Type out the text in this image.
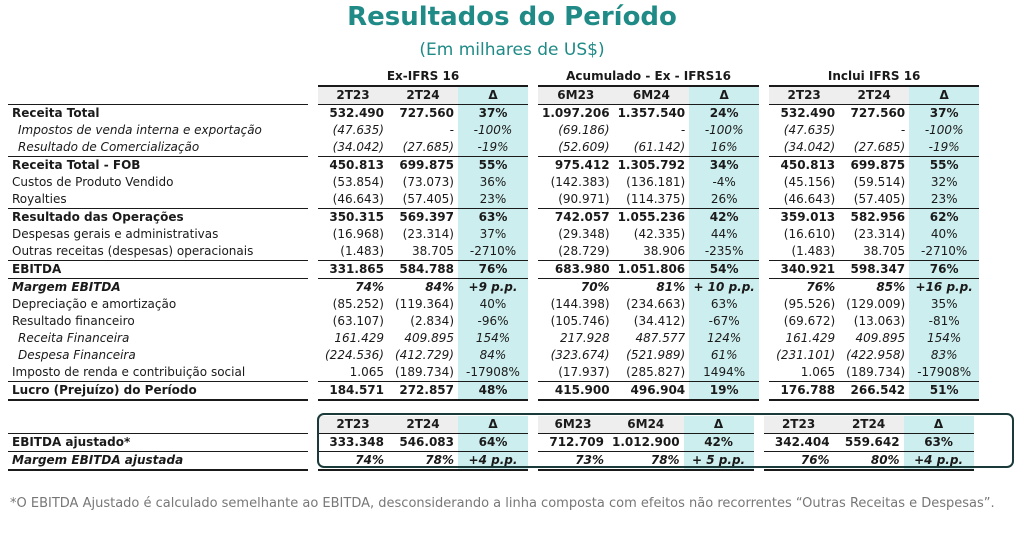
Resultados do Período
(Em milhares de US$)
		Ex-IFRS 16				Acumulado - Ex - IFRS16				Inclui IFRS 16		
		2T23	2T24	Δ		6M23	6M24	Δ		2T23	2T24	Δ
Receita Total		532.490	727.560	37%		1.097.206	1.357.540	24%		532.490	727.560	37%
Impostos de venda interna e exportação		(47.635)	-	-100%		(69.186)	-	-100%		(47.635)	-	-100%
Resultado de Comercialização		(34.042)	(27.685)	-19%		(52.609)	(61.142)	16%		(34.042)	(27.685)	-19%
Receita Total - FOB		450.813	699.875	55%		975.412	1.305.792	34%		450.813	699.875	55%
Custos de Produto Vendido		(53.854)	(73.073)	36%		(142.383)	(136.181)	-4%		(45.156)	(59.514)	32%
Royalties		(46.643)	(57.405)	23%		(90.971)	(114.375)	26%		(46.643)	(57.405)	23%
Resultado das Operações		350.315	569.397	63%		742.057	1.055.236	42%		359.013	582.956	62%
Despesas gerais e administrativas		(16.968)	(23.314)	37%		(29.348)	(42.335)	44%		(16.610)	(23.314)	40%
Outras receitas (despesas) operacionais		(1.483)	38.705	-2710%		(28.729)	38.906	-235%		(1.483)	38.705	-2710%
EBITDA		331.865	584.788	76%		683.980	1.051.806	54%		340.921	598.347	76%
Margem EBITDA		74%	84%	+9 p.p.		70%	81%	+ 10 p.p.		76%	85%	+16 p.p.
Depreciação e amortização		(85.252)	(119.364)	40%		(144.398)	(234.663)	63%		(95.526)	(129.009)	35%
Resultado financeiro		(63.107)	(2.834)	-96%		(105.746)	(34.412)	-67%		(69.672)	(13.063)	-81%
Receita Financeira		161.429	409.895	154%		217.928	487.577	124%		161.429	409.895	154%
Despesa Financeira		(224.536)	(412.729)	84%		(323.674)	(521.989)	61%		(231.101)	(422.958)	83%
Imposto de renda e contribuição social		1.065	(189.734)	-17908%		(17.937)	(285.827)	1494%		1.065	(189.734)	-17908%
Lucro (Prejuízo) do Período		184.571	272.857	48%		415.900	496.904	19%		176.788	266.542	51%
		2T23	2T24	Δ		6M23	6M24	Δ		2T23	2T24	Δ
EBITDA ajustado*		333.348	546.083	64%		712.709	1.012.900	42%		342.404	559.642	63%
Margem EBITDA ajustada		74%	78%	+4 p.p.		73%	78%	+ 5 p.p.		76%	80%	+4 p.p.
*O EBITDA Ajustado é calculado semelhante ao EBITDA, desconsiderando a linha composta com efeitos não recorrentes “Outras Receitas e Despesas”.
